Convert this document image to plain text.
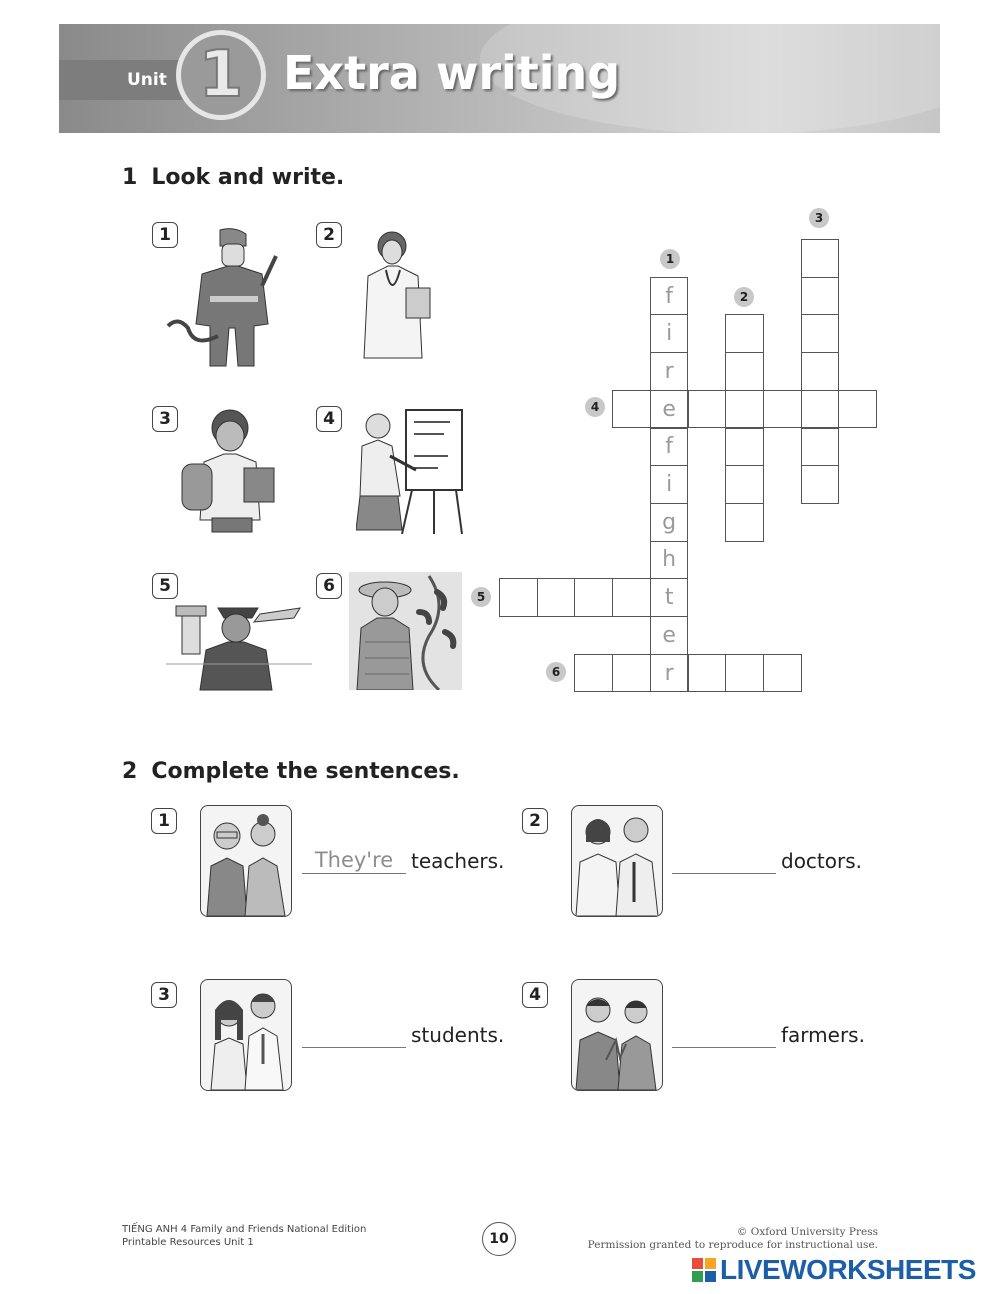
Unit 1 Extra writing
1 Look and write.
1	2
3	4
5	6
f
i
r
e
f
i
g
h
t
e
r
1
2
3
4
5
6
2 Complete the sentences.
1
They're teachers.
2
doctors.
3
students.
4
farmers.
TIẾNG ANH 4 Family and Friends National Edition
Printable Resources Unit 1	10	© Oxford University Press
Permission granted to reproduce for instructional use.
LIVEWORKSHEETS
